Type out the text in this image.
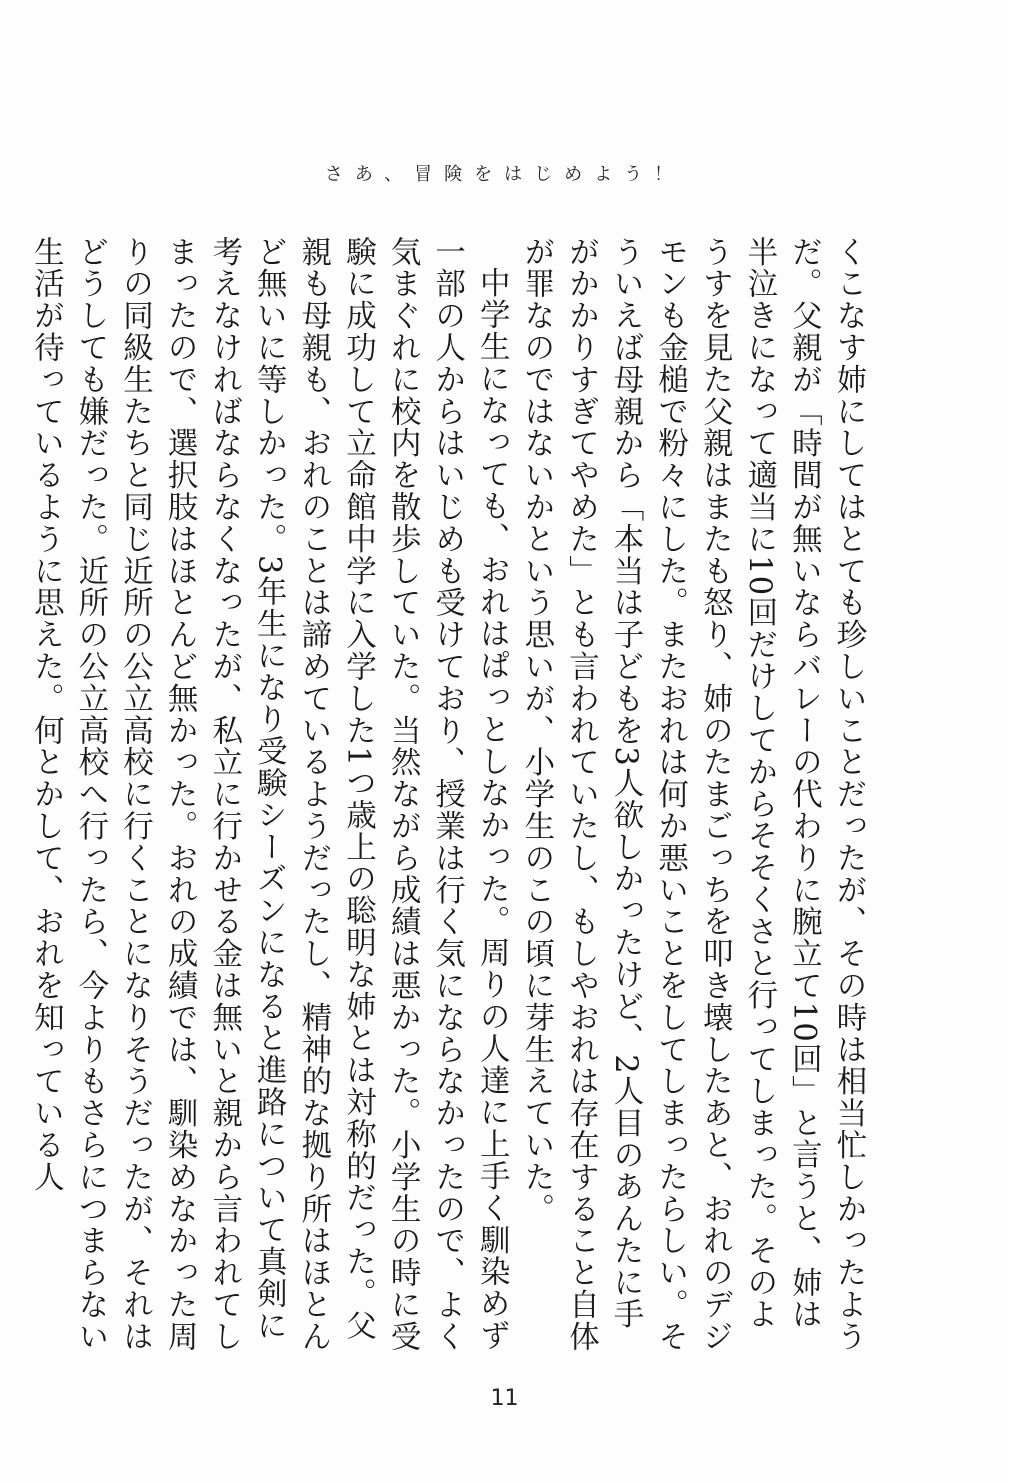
さあ、冒険をはじめよう！

くこなす姉にしてはとても珍しいことだったが、その時は相当忙しかったようだ。父親が「時間が無いならバレーの代わりに腕立て10回」と言うと、姉は半泣きになって適当に10回だけしてからそそくさと行ってしまった。そのようすを見た父親はまたも怒り、姉のたまごっちを叩き壊したあと、おれのデジモンも金槌で粉々にした。またおれは何か悪いことをしてしまったらしい。そういえば母親から「本当は子どもを3人欲しかったけど、2人目のあんたに手がかかりすぎてやめた」とも言われていたし、もしやおれは存在すること自体が罪なのではないかという思いが、小学生のこの頃に芽生えていた。

中学生になっても、おれはぱっとしなかった。周りの人達に上手く馴染めず一部の人からはいじめも受けており、授業は行く気にならなかったので、よく気まぐれに校内を散歩していた。当然ながら成績は悪かった。小学生の時に受験に成功して立命館中学に入学した1つ歳上の聡明な姉とは対称的だった。父親も母親も、おれのことは諦めているようだったし、精神的な拠り所はほとんど無いに等しかった。3年生になり受験シーズンになると進路について真剣に考えなければならなくなったが、私立に行かせる金は無いと親から言われてしまったので、選択肢はほとんど無かった。おれの成績では、馴染めなかった周りの同級生たちと同じ近所の公立高校に行くことになりそうだったが、それはどうしても嫌だった。近所の公立高校へ行ったら、今よりもさらにつまらない生活が待っているように思えた。何とかして、おれを知っている人

11
